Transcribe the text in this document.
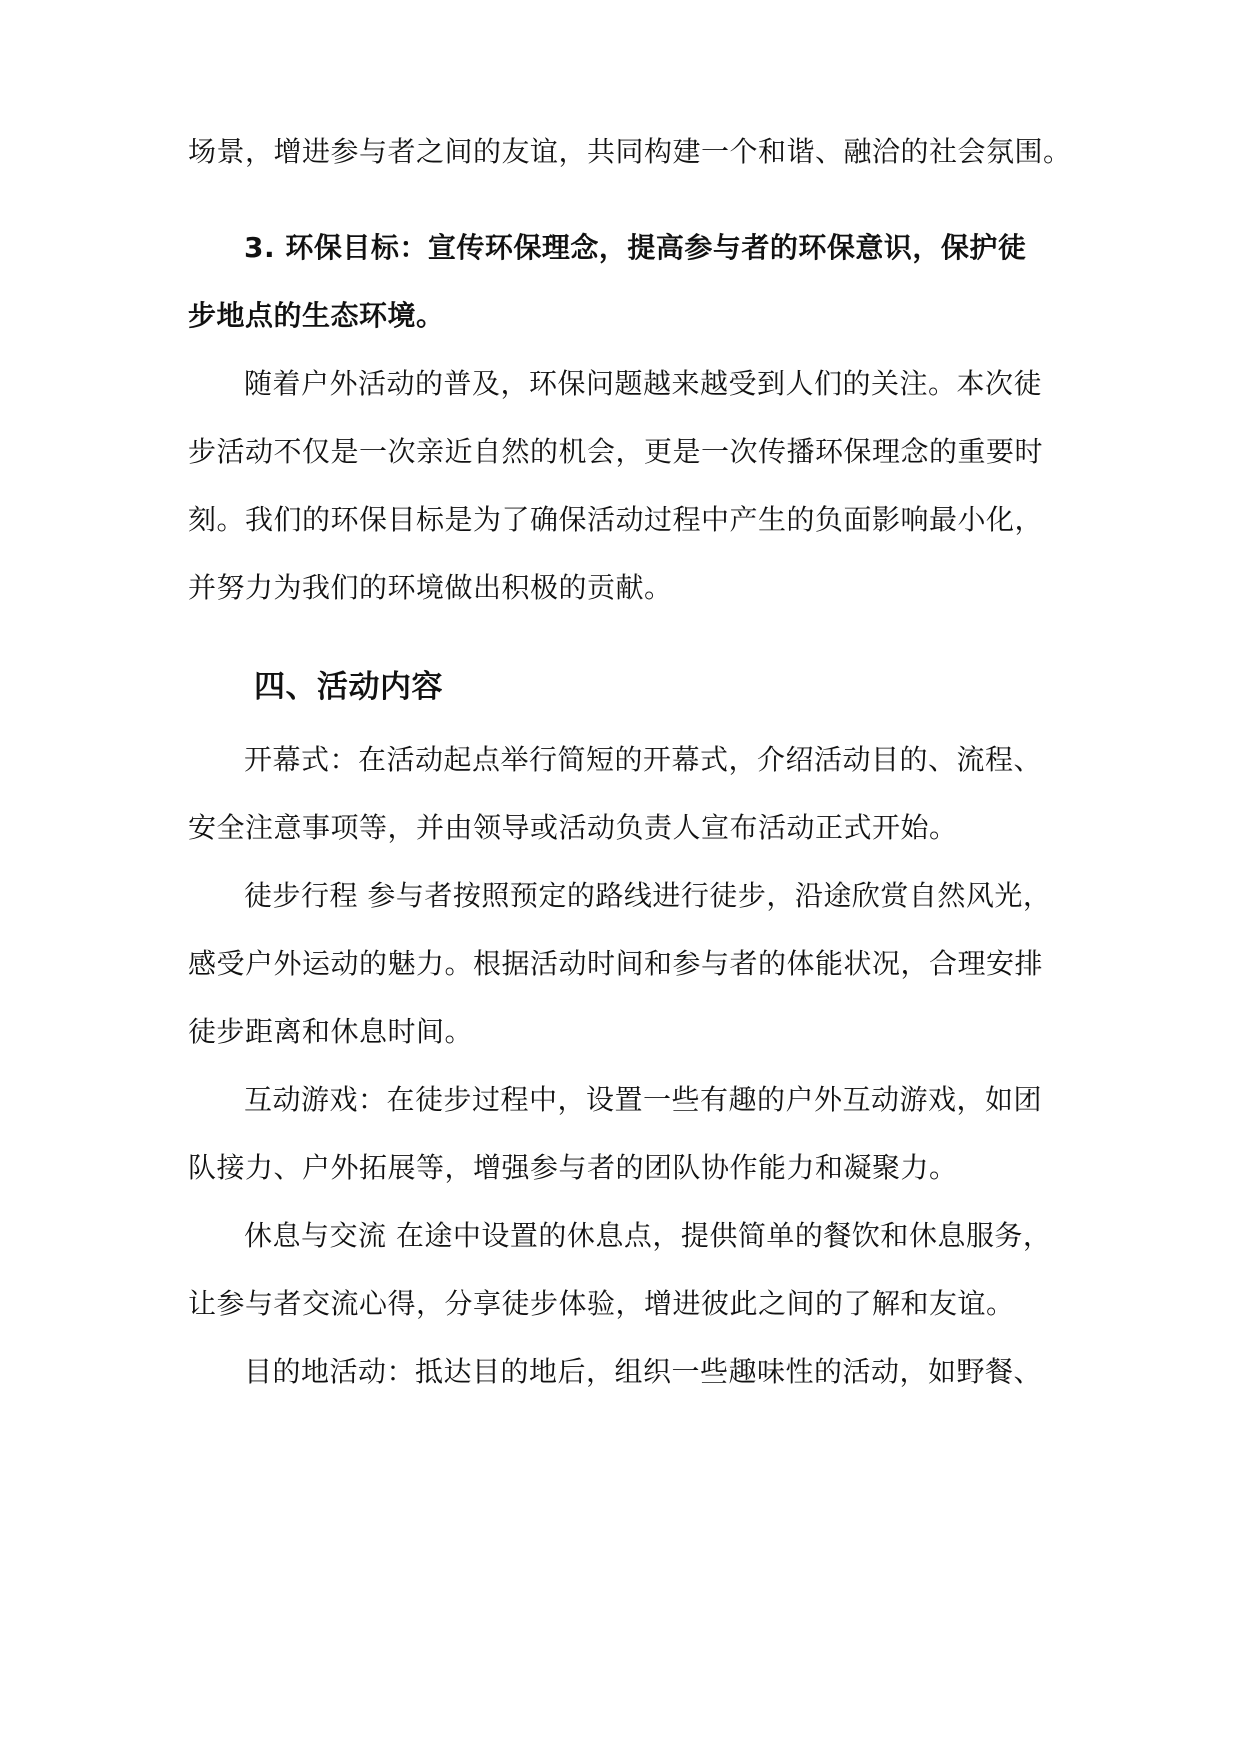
场景，增进参与者之间的友谊，共同构建一个和谐、融洽的社会氛围。
3. 环保目标：宣传环保理念，提高参与者的环保意识，保护徒
步地点的生态环境。
随着户外活动的普及，环保问题越来越受到人们的关注。本次徒
步活动不仅是一次亲近自然的机会，更是一次传播环保理念的重要时
刻。我们的环保目标是为了确保活动过程中产生的负面影响最小化，
并努力为我们的环境做出积极的贡献。
四、活动内容
开幕式：在活动起点举行简短的开幕式，介绍活动目的、流程、
安全注意事项等，并由领导或活动负责人宣布活动正式开始。
徒步行程 参与者按照预定的路线进行徒步，沿途欣赏自然风光，
感受户外运动的魅力。根据活动时间和参与者的体能状况，合理安排
徒步距离和休息时间。
互动游戏：在徒步过程中，设置一些有趣的户外互动游戏，如团
队接力、户外拓展等，增强参与者的团队协作能力和凝聚力。
休息与交流 在途中设置的休息点，提供简单的餐饮和休息服务，
让参与者交流心得，分享徒步体验，增进彼此之间的了解和友谊。
目的地活动：抵达目的地后，组织一些趣味性的活动，如野餐、
